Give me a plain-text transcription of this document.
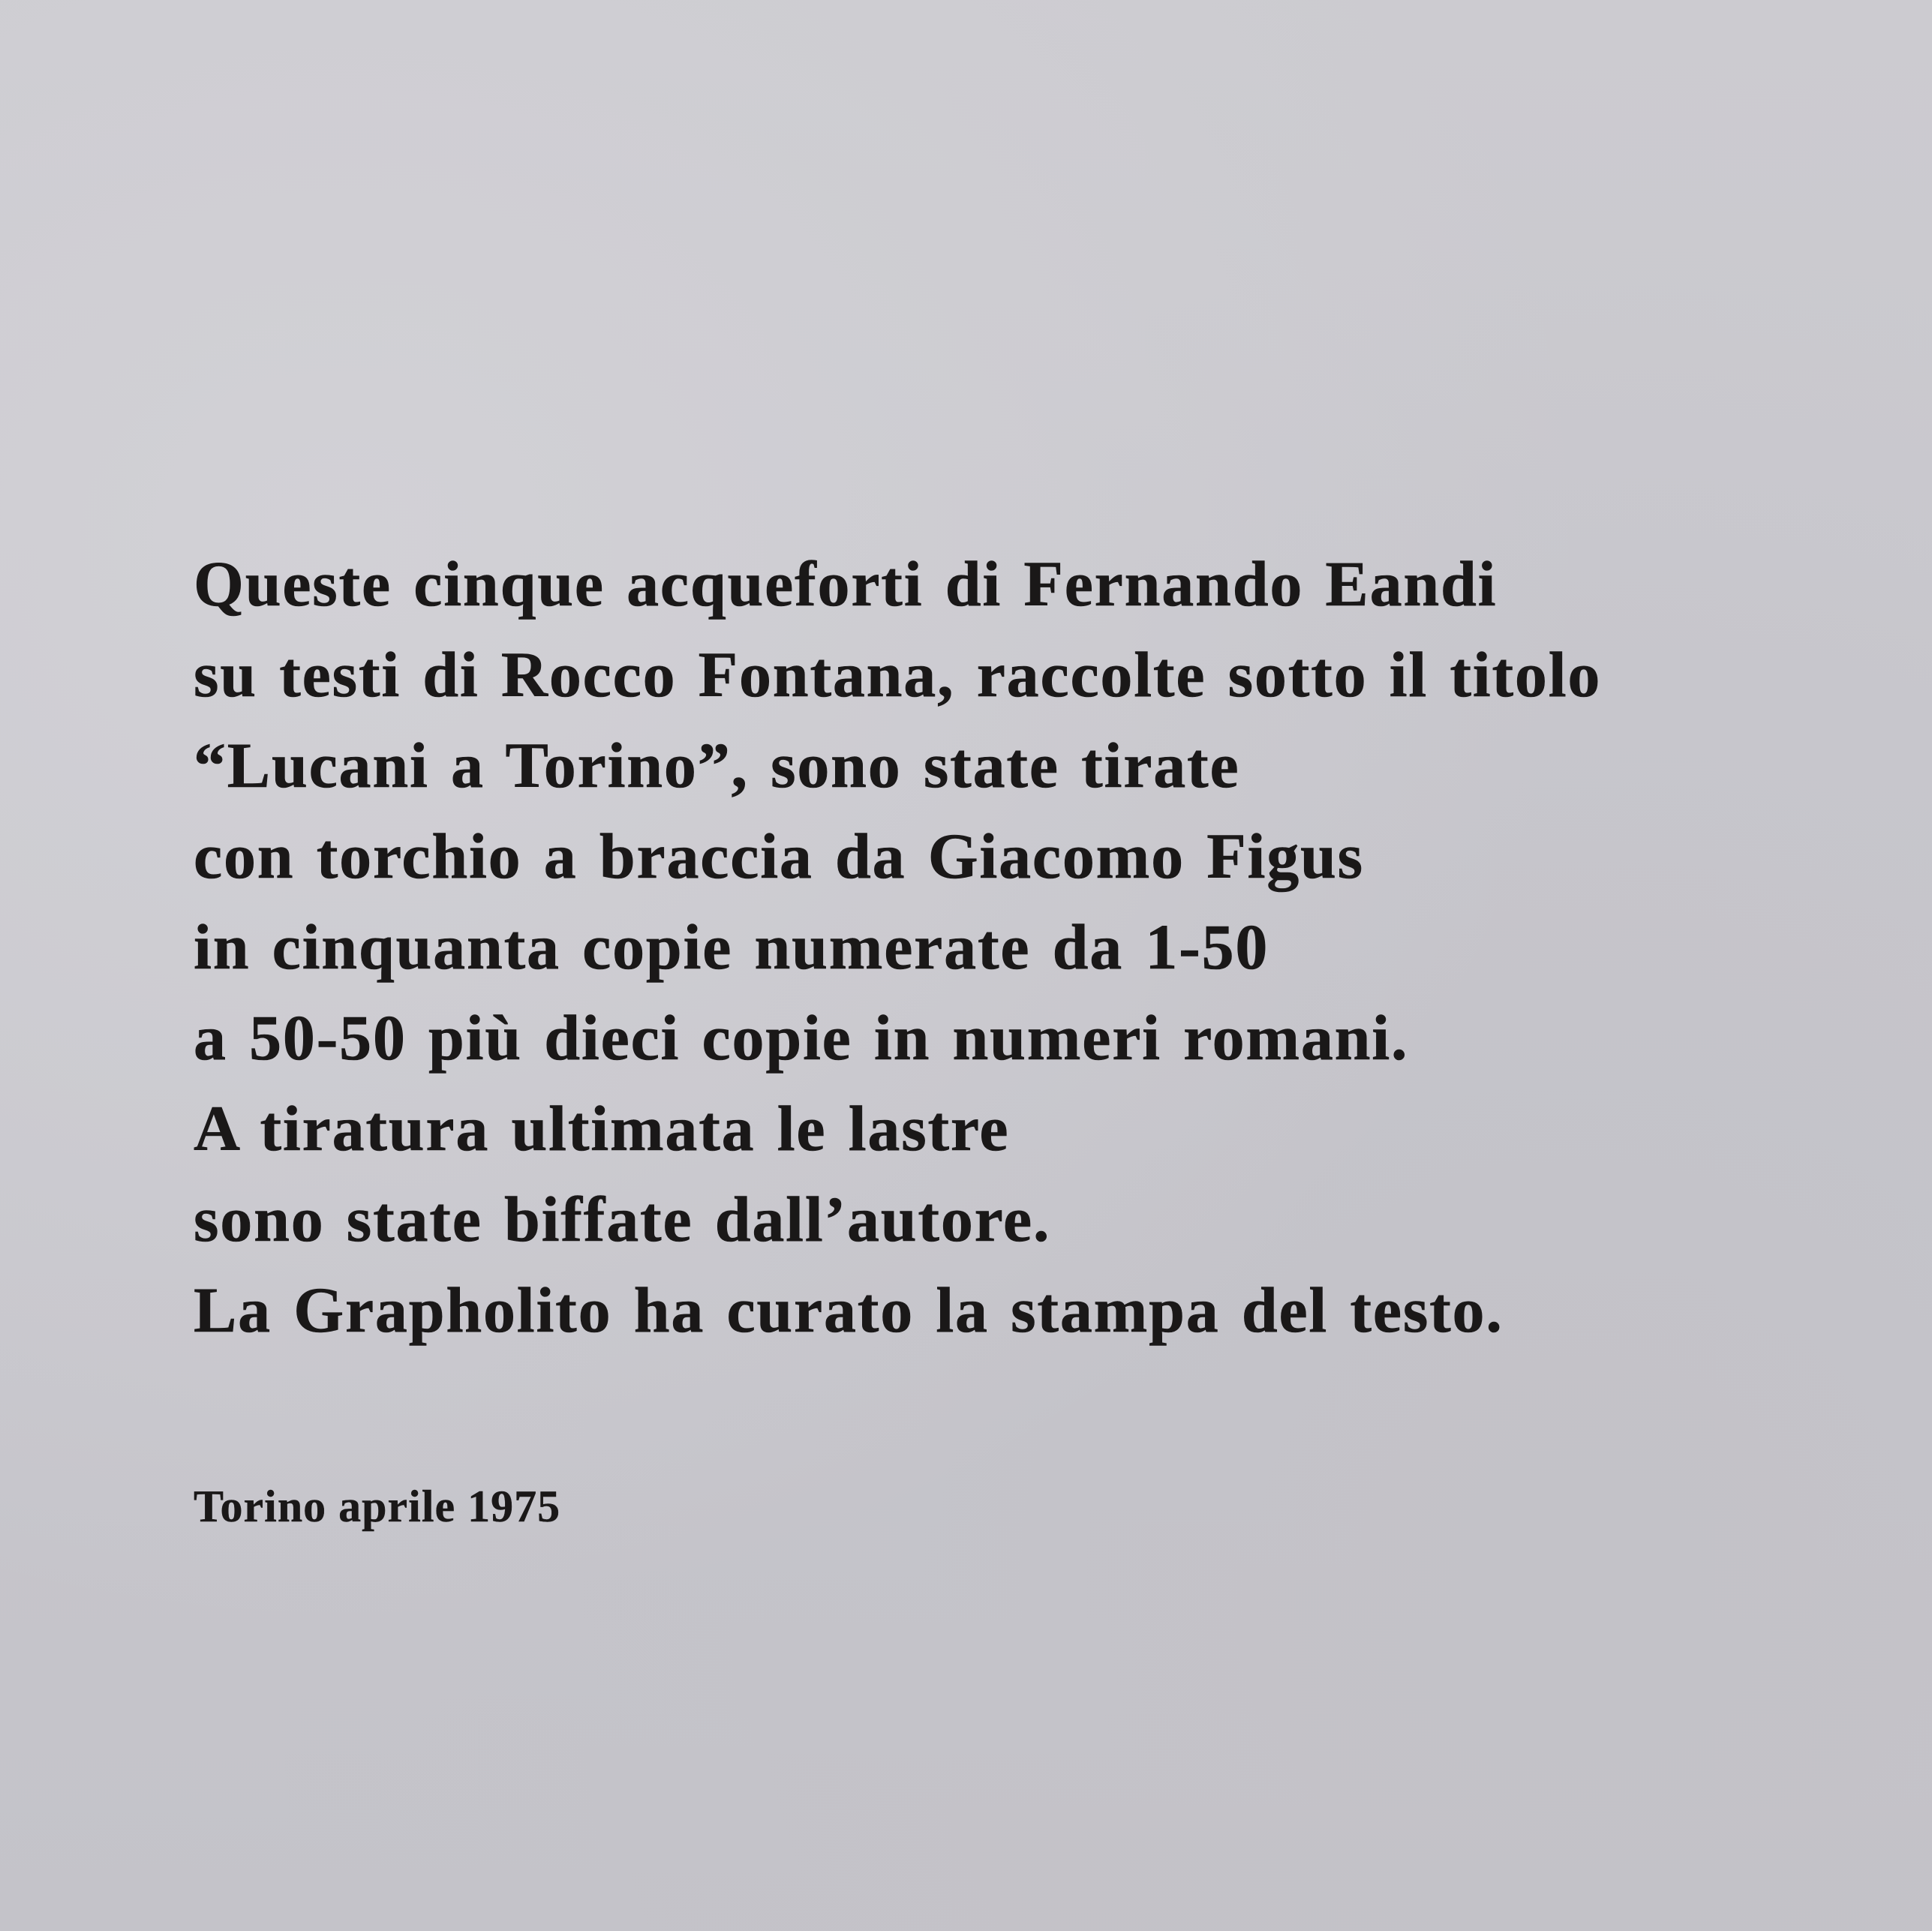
Queste cinque acqueforti di Fernando Eandi
su testi di Rocco Fontana, raccolte sotto il titolo
“Lucani a Torino”, sono state tirate
con torchio a braccia da Giacomo Figus
in cinquanta copie numerate da 1-50
a 50-50 più dieci copie in numeri romani.
A tiratura ultimata le lastre
sono state biffate dall’autore.
La Grapholito ha curato la stampa del testo.

Torino aprile 1975
